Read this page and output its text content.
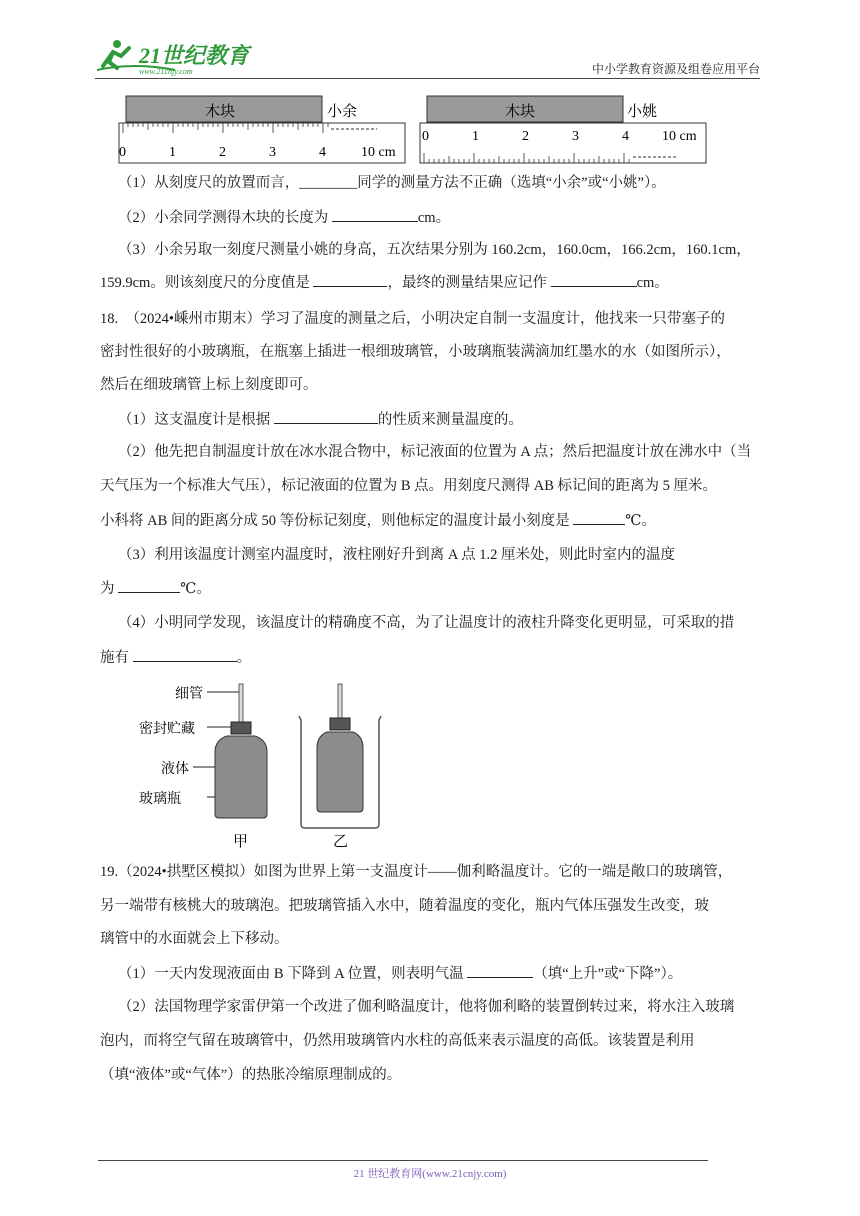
21世纪教育
www.21cnjy.com	中小学教育资源及组卷应用平台
木块	小余
0	1	2	3	4	10 cm
木块	小姚
0	1	2	3	4 10 cm
（1）从刻度尺的放置而言，________同学的测量方法不正确（选填“小余”或“小姚”）。
（2）小余同学测得木块的长度为	cm。
（3）小余另取一刻度尺测量小姚的身高，五次结果分别为 160.2cm，160.0cm，166.2cm，160.1cm，
159.9cm。则该刻度尺的分度值是	，最终的测量结果应记作	cm。
18.　（2024•嵊州市期末）学习了温度的测量之后，小明决定自制一支温度计，他找来一只带塞子的
密封性很好的小玻璃瓶，在瓶塞上插进一根细玻璃管，小玻璃瓶装满滴加红墨水的水（如图所示），
然后在细玻璃管上标上刻度即可。
（1）这支温度计是根据	的性质来测量温度的。
（2）他先把自制温度计放在冰水混合物中，标记液面的位置为 A 点；然后把温度计放在沸水中（当
天气压为一个标准大气压），标记液面的位置为 B 点。用刻度尺测得 AB 标记间的距离为 5 厘米。
小科将 AB 间的距离分成 50 等份标记刻度，则他标定的温度计最小刻度是	℃。
（3）利用该温度计测室内温度时，液柱刚好升到离 A 点 1.2 厘米处，则此时室内的温度
为	℃。
（4）小明同学发现，该温度计的精确度不高，为了让温度计的液柱升降变化更明显，可采取的措
施有	。
细管
密封贮藏
液体
玻璃瓶
甲	乙
19.（2024•拱墅区模拟）如图为世界上第一支温度计——伽利略温度计。它的一端是敞口的玻璃管，
另一端带有核桃大的玻璃泡。把玻璃管插入水中，随着温度的变化，瓶内气体压强发生改变，玻
璃管中的水面就会上下移动。
（1）一天内发现液面由 B 下降到 A 位置，则表明气温	（填“上升”或“下降”）。
（2）法国物理学家雷伊第一个改进了伽利略温度计，他将伽利略的装置倒转过来，将水注入玻璃
泡内，而将空气留在玻璃管中，仍然用玻璃管内水柱的高低来表示温度的高低。该装置是利用
（填“液体”或“气体”）的热胀冷缩原理制成的。
21 世纪教育网(www.21cnjy.com)
